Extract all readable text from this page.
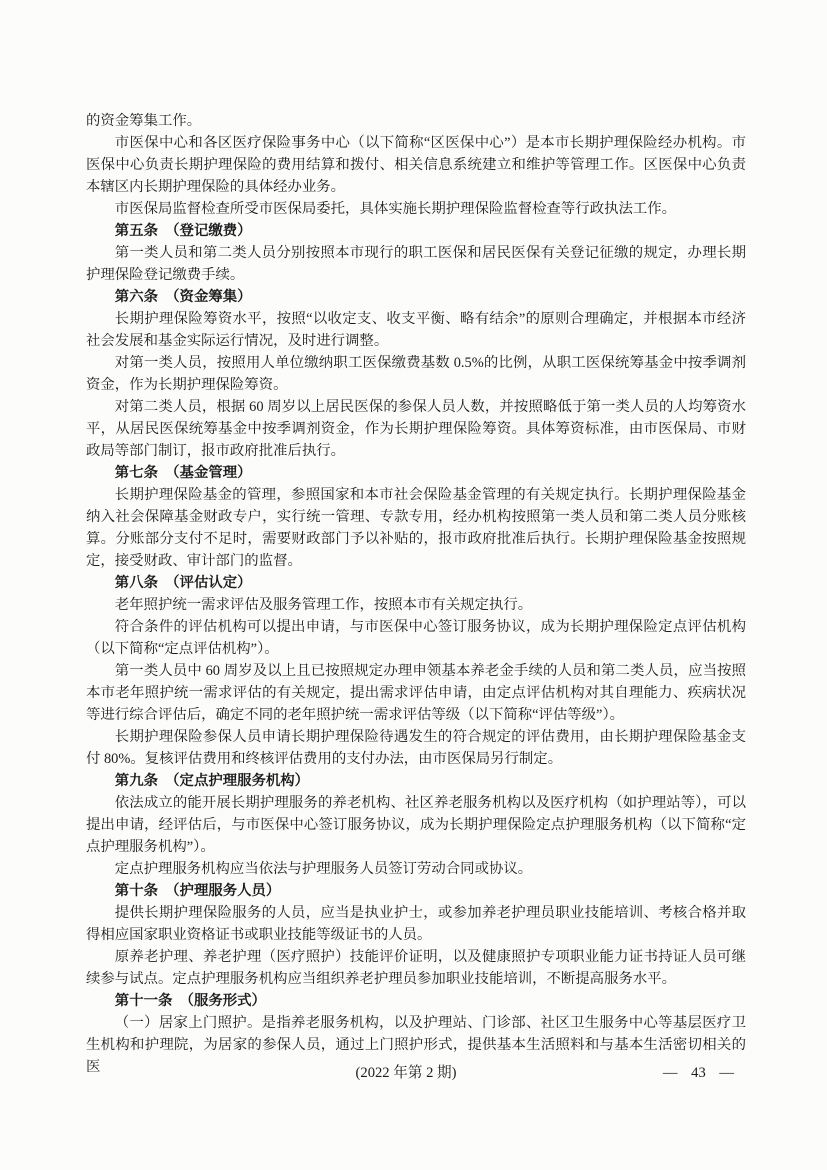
的资金筹集工作。

市医保中心和各区医疗保险事务中心（以下简称“区医保中心”）是本市长期护理保险经办机构。市医保中心负责长期护理保险的费用结算和拨付、相关信息系统建立和维护等管理工作。区医保中心负责本辖区内长期护理保险的具体经办业务。

市医保局监督检查所受市医保局委托，具体实施长期护理保险监督检查等行政执法工作。

第五条　（登记缴费）

第一类人员和第二类人员分别按照本市现行的职工医保和居民医保有关登记征缴的规定，办理长期护理保险登记缴费手续。

第六条　（资金筹集）

长期护理保险筹资水平，按照“以收定支、收支平衡、略有结余”的原则合理确定，并根据本市经济社会发展和基金实际运行情况，及时进行调整。

对第一类人员，按照用人单位缴纳职工医保缴费基数 0.5%的比例，从职工医保统筹基金中按季调剂资金，作为长期护理保险筹资。

对第二类人员，根据 60 周岁以上居民医保的参保人员人数，并按照略低于第一类人员的人均筹资水平，从居民医保统筹基金中按季调剂资金，作为长期护理保险筹资。具体筹资标准，由市医保局、市财政局等部门制订，报市政府批准后执行。

第七条　（基金管理）

长期护理保险基金的管理，参照国家和本市社会保险基金管理的有关规定执行。长期护理保险基金纳入社会保障基金财政专户，实行统一管理、专款专用，经办机构按照第一类人员和第二类人员分账核算。分账部分支付不足时，需要财政部门予以补贴的，报市政府批准后执行。长期护理保险基金按照规定，接受财政、审计部门的监督。

第八条　（评估认定）

老年照护统一需求评估及服务管理工作，按照本市有关规定执行。

符合条件的评估机构可以提出申请，与市医保中心签订服务协议，成为长期护理保险定点评估机构（以下简称“定点评估机构”）。

第一类人员中 60 周岁及以上且已按照规定办理申领基本养老金手续的人员和第二类人员，应当按照本市老年照护统一需求评估的有关规定，提出需求评估申请，由定点评估机构对其自理能力、疾病状况等进行综合评估后，确定不同的老年照护统一需求评估等级（以下简称“评估等级”）。

长期护理保险参保人员申请长期护理保险待遇发生的符合规定的评估费用，由长期护理保险基金支付 80%。复核评估费用和终核评估费用的支付办法，由市医保局另行制定。

第九条　（定点护理服务机构）

依法成立的能开展长期护理服务的养老机构、社区养老服务机构以及医疗机构（如护理站等），可以提出申请，经评估后，与市医保中心签订服务协议，成为长期护理保险定点护理服务机构（以下简称“定点护理服务机构”）。

定点护理服务机构应当依法与护理服务人员签订劳动合同或协议。

第十条　（护理服务人员）

提供长期护理保险服务的人员，应当是执业护士，或参加养老护理员职业技能培训、考核合格并取得相应国家职业资格证书或职业技能等级证书的人员。

原养老护理、养老护理（医疗照护）技能评价证明，以及健康照护专项职业能力证书持证人员可继续参与试点。定点护理服务机构应当组织养老护理员参加职业技能培训，不断提高服务水平。

第十一条　（服务形式）

（一）居家上门照护。是指养老服务机构，以及护理站、门诊部、社区卫生服务中心等基层医疗卫生机构和护理院，为居家的参保人员，通过上门照护形式，提供基本生活照料和与基本生活密切相关的医	(2022 年第 2 期)	— 43 —
